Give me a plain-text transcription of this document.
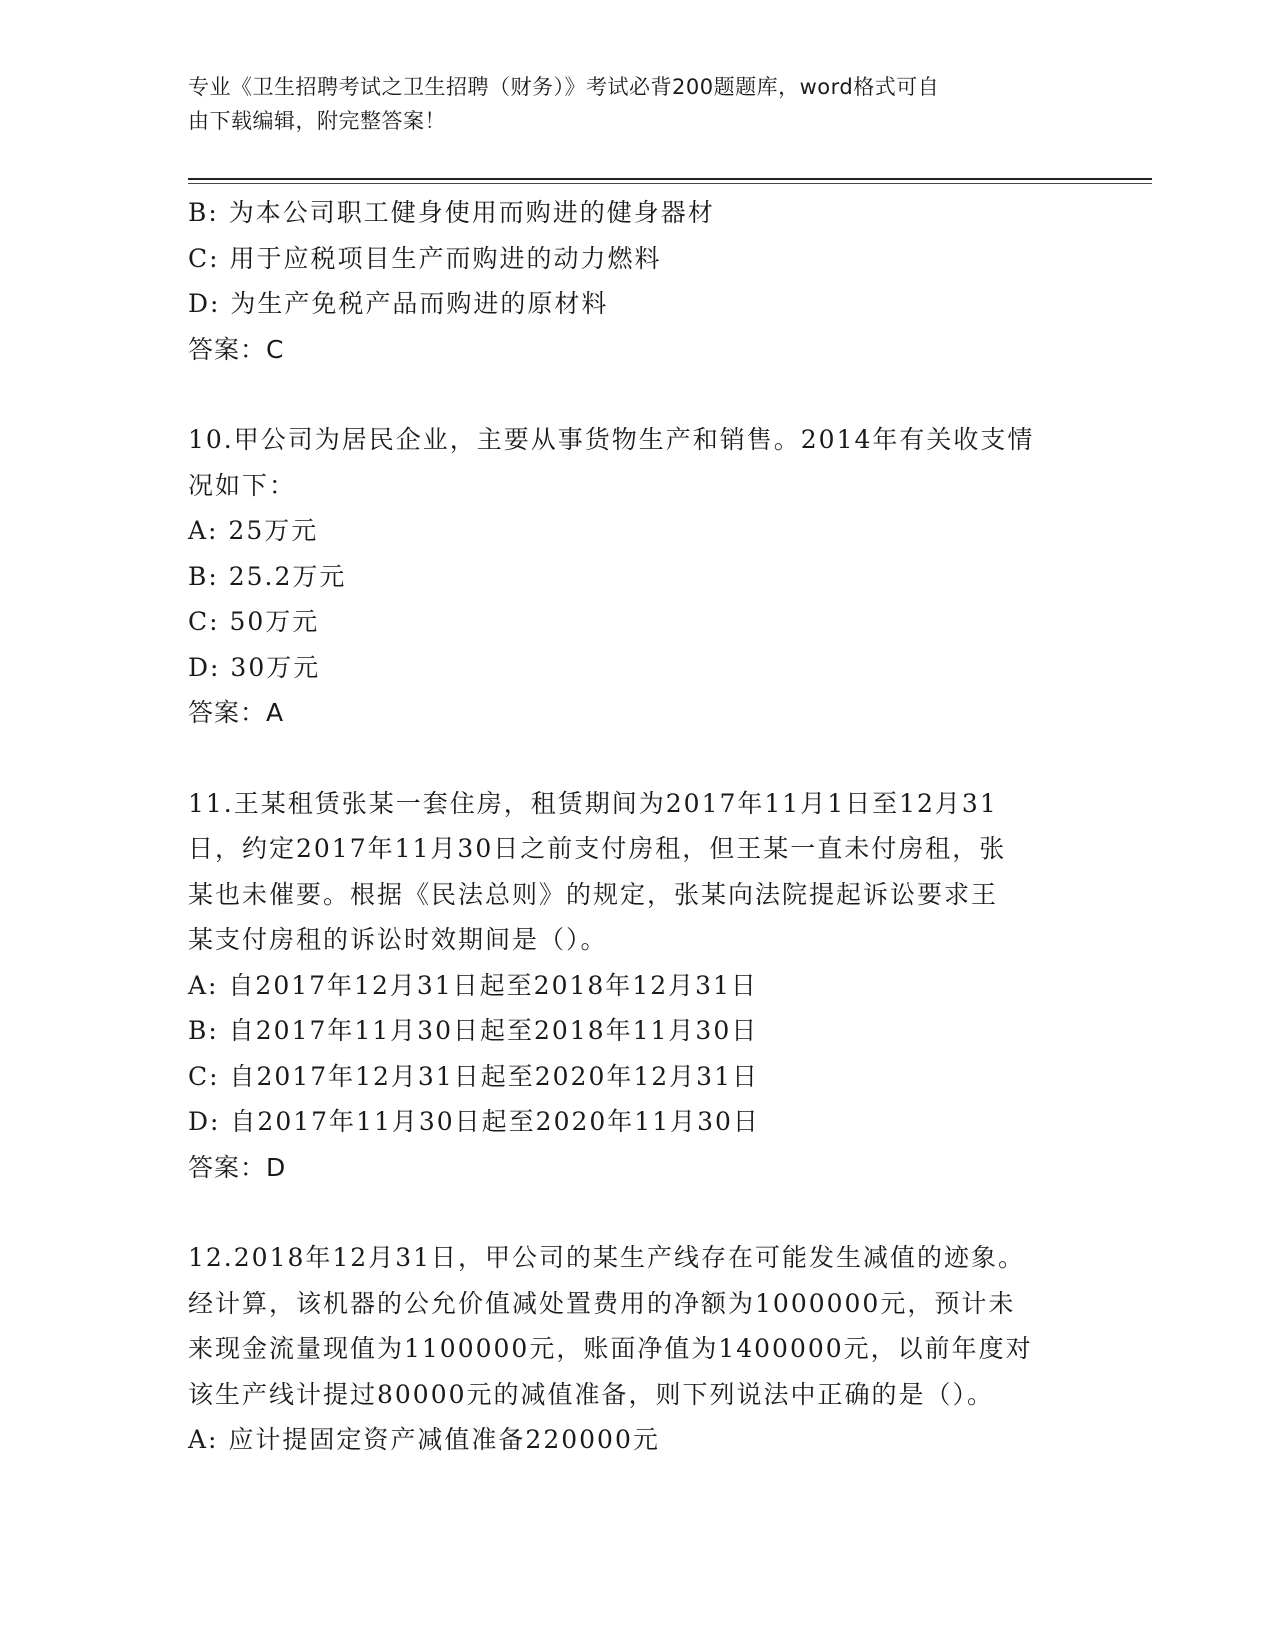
专业《卫生招聘考试之卫生招聘（财务）》考试必背200题题库，word格式可自
由下载编辑，附完整答案！
B: 为本公司职工健身使用而购进的健身器材
C: 用于应税项目生产而购进的动力燃料
D: 为生产免税产品而购进的原材料
答案：C
10.甲公司为居民企业，主要从事货物生产和销售。2014年有关收支情
况如下：
A: 25万元
B: 25.2万元
C: 50万元
D: 30万元
答案：A
11.王某租赁张某一套住房，租赁期间为2017年11月1日至12月31
日，约定2017年11月30日之前支付房租，但王某一直未付房租，张
某也未催要。根据《民法总则》的规定，张某向法院提起诉讼要求王
某支付房租的诉讼时效期间是（）。
A: 自2017年12月31日起至2018年12月31日
B: 自2017年11月30日起至2018年11月30日
C: 自2017年12月31日起至2020年12月31日
D: 自2017年11月30日起至2020年11月30日
答案：D
12.2018年12月31日，甲公司的某生产线存在可能发生减值的迹象。
经计算，该机器的公允价值减处置费用的净额为1000000元，预计未
来现金流量现值为1100000元，账面净值为1400000元，以前年度对
该生产线计提过80000元的减值准备，则下列说法中正确的是（）。
A: 应计提固定资产减值准备220000元
